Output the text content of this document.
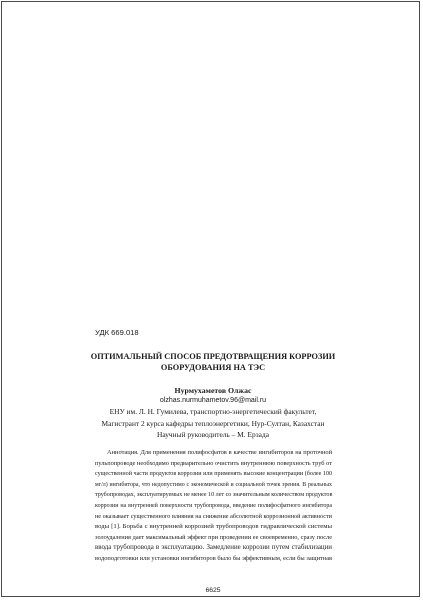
УДК 669.018
ОПТИМАЛЬНЫЙ СПОСОБ ПРЕДОТВРАЩЕНИЯ КОРРОЗИИ
ОБОРУДОВАНИЯ НА ТЭС
Нурмухаметов Олжас
olzhas.nurmuhametov.96@mail.ru
ЕНУ им. Л. Н. Гумилева, транспортно-энергетический факультет,
Магистрант 2 курса кафедры теплоэнергетики, Нур-Султан, Казахстан
Научный руководитель – М. Ерзада
Аннотация. Для применения полифосфатов в качестве ингибиторов на проточной
пульпопроводе необходимо предварительно очистить внутреннюю поверхность труб от
существенной части продуктов коррозии или применять высокие концентрации (более 100
мг/л) ингибитора, что недопустимо с экономической и социальной точек зрения. В реальных
трубопроводах, эксплуатируемых не менее 10 лет со значительным количеством продуктов
коррозии на внутренней поверхности трубопровода, введение полифосфатного ингибитора
не оказывает существенного влияния на снижение абсолютной коррозионной активности
воды [1]. Борьба с внутренней коррозией трубопроводов гидравлической системы
золоудаления дает максимальный эффект при проведении ее своевременно, сразу после
ввода трубопровода в эксплуатацию. Замедление коррозии путем стабилизации
водоподготовки или установки ингибиторов было бы эффективным, если бы защитная
6625
